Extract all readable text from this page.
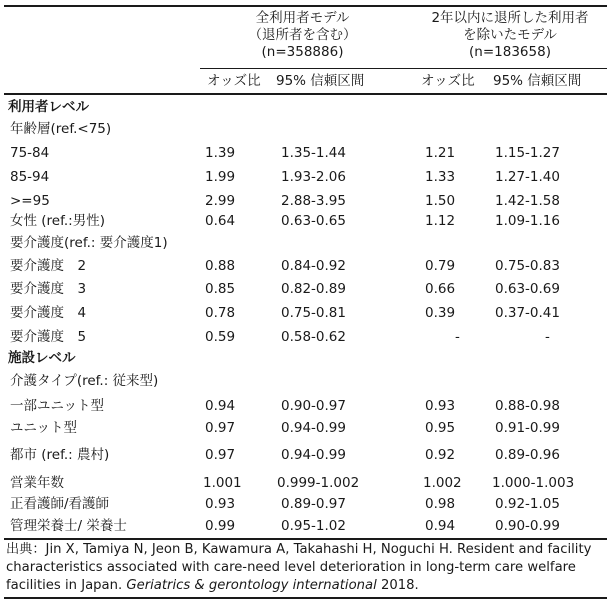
全利用者モデル
（退所者を含む）
(n=358886)
2年以内に退所した利用者
を除いたモデル
(n=183658)
オッズ比 95% 信頼区間	オッズ比 95% 信頼区間
利用者レベル
施設レベル
年齢層(ref.<75)
75-84	1.39	1.35-1.44	1.21	1.15-1.27
85-94	1.99	1.93-2.06	1.33	1.27-1.40
>=95	2.99	2.88-3.95	1.50	1.42-1.58
女性 (ref.:男性)	0.64	0.63-0.65	1.12	1.09-1.16
要介護度(ref.: 要介護度1)
要介護度　2	0.88	0.84-0.92	0.79	0.75-0.83
要介護度　3	0.85	0.82-0.89	0.66	0.63-0.69
要介護度　4	0.78	0.75-0.81	0.39	0.37-0.41
要介護度　5	0.59	0.58-0.62	-	-
介護タイプ(ref.: 従来型)
一部ユニット型	0.94	0.90-0.97	0.93	0.88-0.98
ユニット型	0.97	0.94-0.99	0.95	0.91-0.99
都市 (ref.: 農村)	0.97	0.94-0.99	0.92	0.89-0.96
営業年数	1.001	0.999-1.002	1.002 1.000-1.003
正看護師/看護師	0.93	0.89-0.97	0.98	0.92-1.05
管理栄養士/ 栄養士	0.99	0.95-1.02	0.94	0.90-0.99
出典：Jin X, Tamiya N, Jeon B, Kawamura A, Takahashi H, Noguchi H. Resident and facility characteristics associated with care-need level deterioration in long-term care welfare facilities in Japan. Geriatrics & gerontology international 2018.
